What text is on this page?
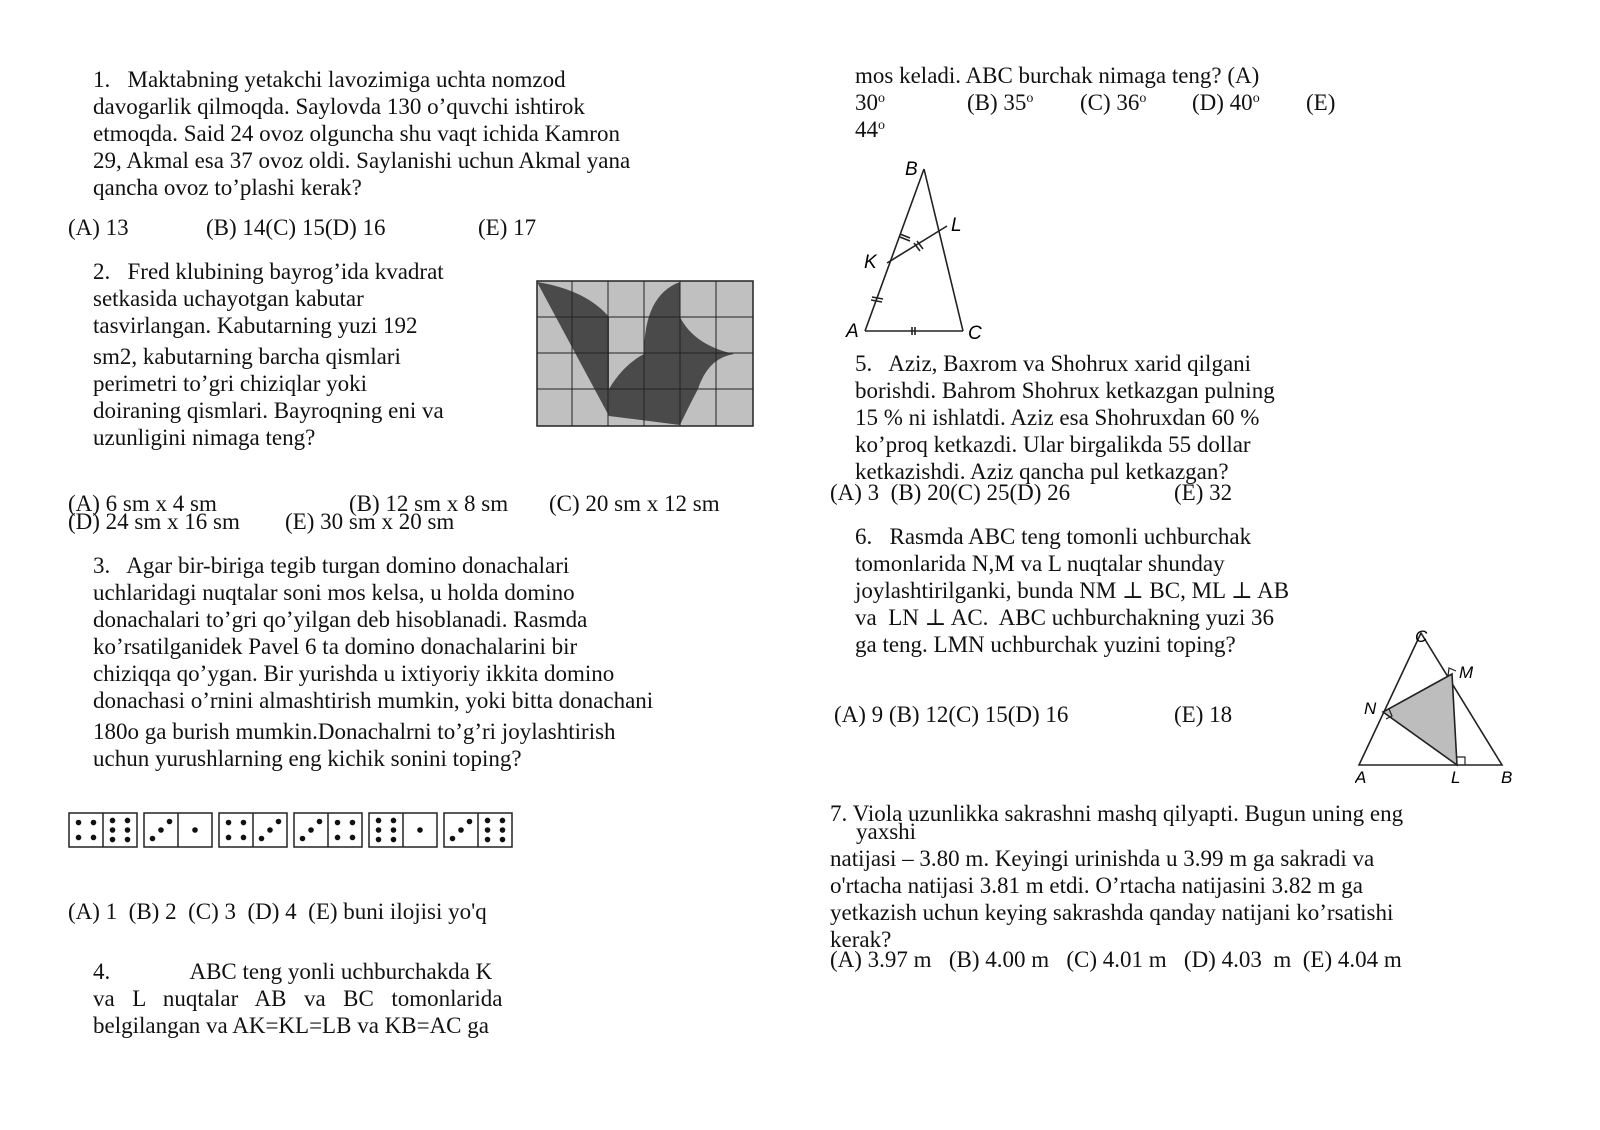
1.   Maktabning yetakchi lavozimiga uchta nomzod
davogarlik qilmoqda. Saylovda 130 o’quvchi ishtirok
etmoqda. Said 24 ovoz olguncha shu vaqt ichida Kamron
29, Akmal esa 37 ovoz oldi. Saylanishi uchun Akmal yana
qancha ovoz to’plashi kerak?
(A) 13	(B) 14(C) 15(D) 16	(E) 17
2.   Fred klubining bayrog’ida kvadrat
setkasida uchayotgan kabutar
tasvirlangan. Kabutarning yuzi 192
sm2, kabutarning barcha qismlari
perimetri to’gri chiziqlar yoki
doiraning qismlari. Bayroqning eni va
uzunligini nimaga teng?
(A) 6 sm x 4 sm	(B) 12 sm x 8 sm (C) 20 sm x 12 sm
(D) 24 sm x 16 sm (E) 30 sm x 20 sm
3.   Agar bir-biriga tegib turgan domino donachalari
uchlaridagi nuqtalar soni mos kelsa, u holda domino
donachalari to’gri qo’yilgan deb hisoblanadi. Rasmda
ko’rsatilganidek Pavel 6 ta domino donachalarini bir
chiziqqa qo’ygan. Bir yurishda u ixtiyoriy ikkita domino
donachasi o’rnini almashtirish mumkin, yoki bitta donachani
180o ga burish mumkin.Donachalrni to’g’ri joylashtirish
uchun yurushlarning eng kichik sonini toping?
(A) 1  (B) 2  (C) 3  (D) 4  (E) buni ilojisi yo'q
4.              ABC teng yonli uchburchakda K
va  L  nuqtalar  AB  va  BC  tomonlarida
belgilangan va AK=KL=LB va KB=AC ga
mos keladi. ABC burchak nimaga teng? (A)
30$^o$	(B) 35$^o$ (C) 36$^o$ (D) 40$^o$ (E)
44$^o$
B
L
K
A	C
5.   Aziz, Baxrom va Shohrux xarid qilgani
borishdi. Bahrom Shohrux ketkazgan pulning
15 % ni ishlatdi. Aziz esa Shohruxdan 60 %
ko’proq ketkazdi. Ular birgalikda 55 dollar
ketkazishdi. Aziz qancha pul ketkazgan?
(A) 3  (B) 20(C) 25(D) 26	(E) 32
6.   Rasmda ABC teng tomonli uchburchak
tomonlarida N,M va L nuqtalar shunday
joylashtirilganki, bunda NM ⊥ BC, ML ⊥ AB
va  LN ⊥ AC.  ABC uchburchakning yuzi 36
ga teng. LMN uchburchak yuzini toping?
(A) 9 (B) 12(C) 15(D) 16	(E) 18
C
M
N
A	L B
7. Viola uzunlikka sakrashni mashq qilyapti. Bugun uning eng
yaxshi
natijasi – 3.80 m. Keyingi urinishda u 3.99 m ga sakradi va
o'rtacha natijasi 3.81 m etdi. O’rtacha natijasini 3.82 m ga
yetkazish uchun keying sakrashda qanday natijani ko’rsatishi
kerak?
(A) 3.97 m   (B) 4.00 m   (C) 4.01 m   (D) 4.03  m  (E) 4.04 m
